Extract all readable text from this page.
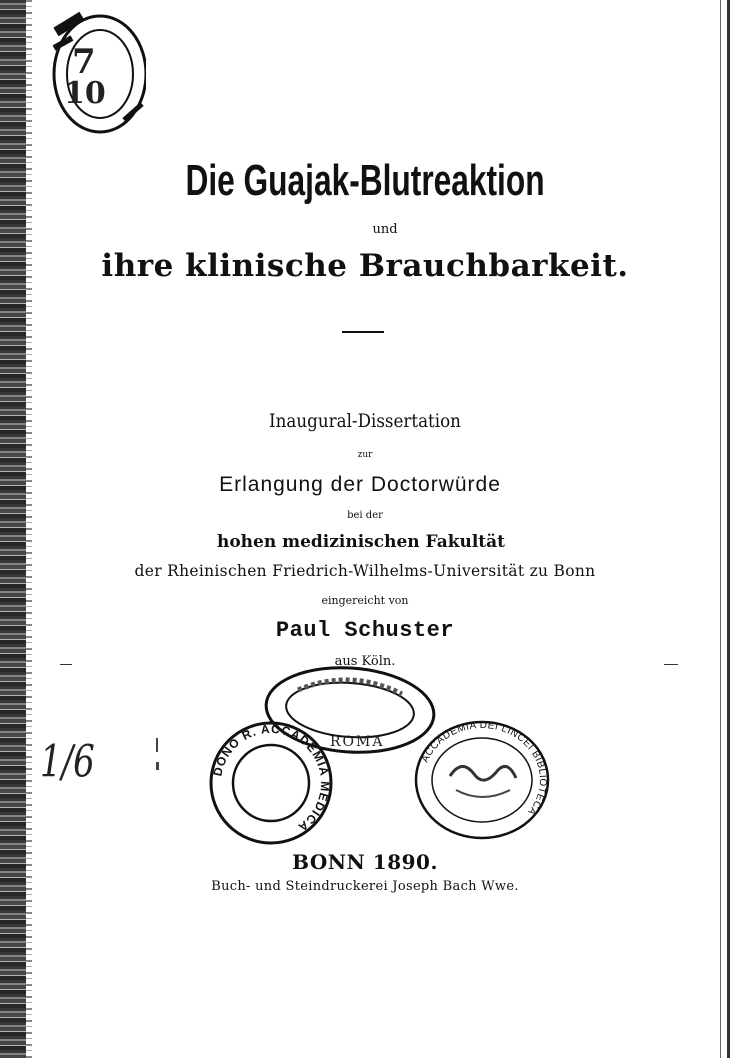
7
10
Die Guajak-Blutreaktion
und
ihre klinische Brauchbarkeit.
Inaugural-Dissertation
zur
Erlangung der Doctorwürde
bei der
hohen medizinischen Fakultät
der Rheinischen Friedrich-Wilhelms-Universität zu Bonn
eingereicht von
Paul Schuster
aus Köln.
ROMA
DONO R. ACCADEMIA MEDICA
ACCADEMIA DEI LINCEI BIBLIOTECA
1/6
BONN 1890.
Buch- und Steindruckerei Joseph Bach Wwe.
